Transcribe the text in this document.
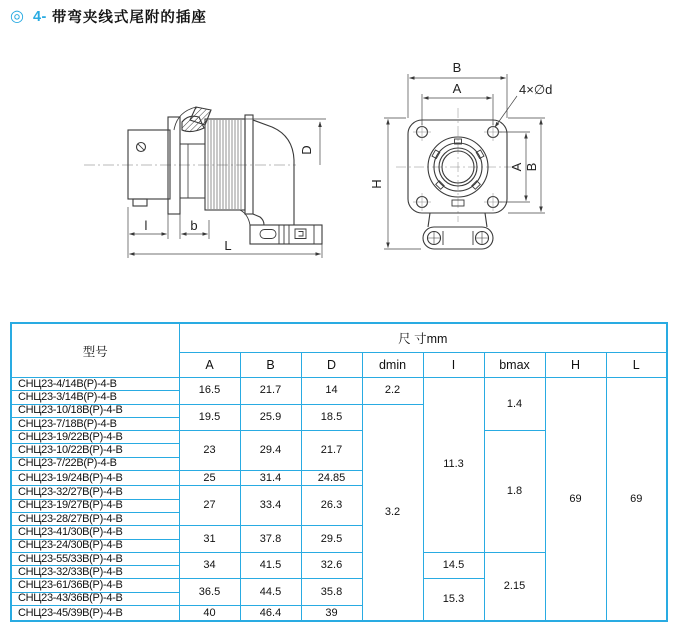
◎ 4- 带弯夹线式尾附的插座
D
l	b
L
B
A	4×∅d
H
A B
型号	尺 寸mm							
	A	B	D	dmin	I	bmax	H	L
CHЦ23-4/14B(P)-4-B	16.5	21.7	14	2.2	11.3	1.4	69	69
CHЦ23-3/14B(P)-4-B								
CHЦ23-10/18B(P)-4-B	19.5	25.9	18.5	3.2				
CHЦ23-7/18B(P)-4-B								
CHЦ23-19/22B(P)-4-B	23	29.4	21.7			1.8		
CHЦ23-10/22B(P)-4-B								
CHЦ23-7/22B(P)-4-B								
CHЦ23-19/24B(P)-4-B	25	31.4	24.85					
CHЦ23-32/27B(P)-4-B	27	33.4	26.3					
CHЦ23-19/27B(P)-4-B								
CHЦ23-28/27B(P)-4-B								
CHЦ23-41/30B(P)-4-B	31	37.8	29.5					
CHЦ23-24/30B(P)-4-B								
CHЦ23-55/33B(P)-4-B	34	41.5	32.6		14.5	2.15		
CHЦ23-32/33B(P)-4-B								
CHЦ23-61/36B(P)-4-B	36.5	44.5	35.8		15.3			
CHЦ23-43/36B(P)-4-B								
CHЦ23-45/39B(P)-4-B	40	46.4	39					
